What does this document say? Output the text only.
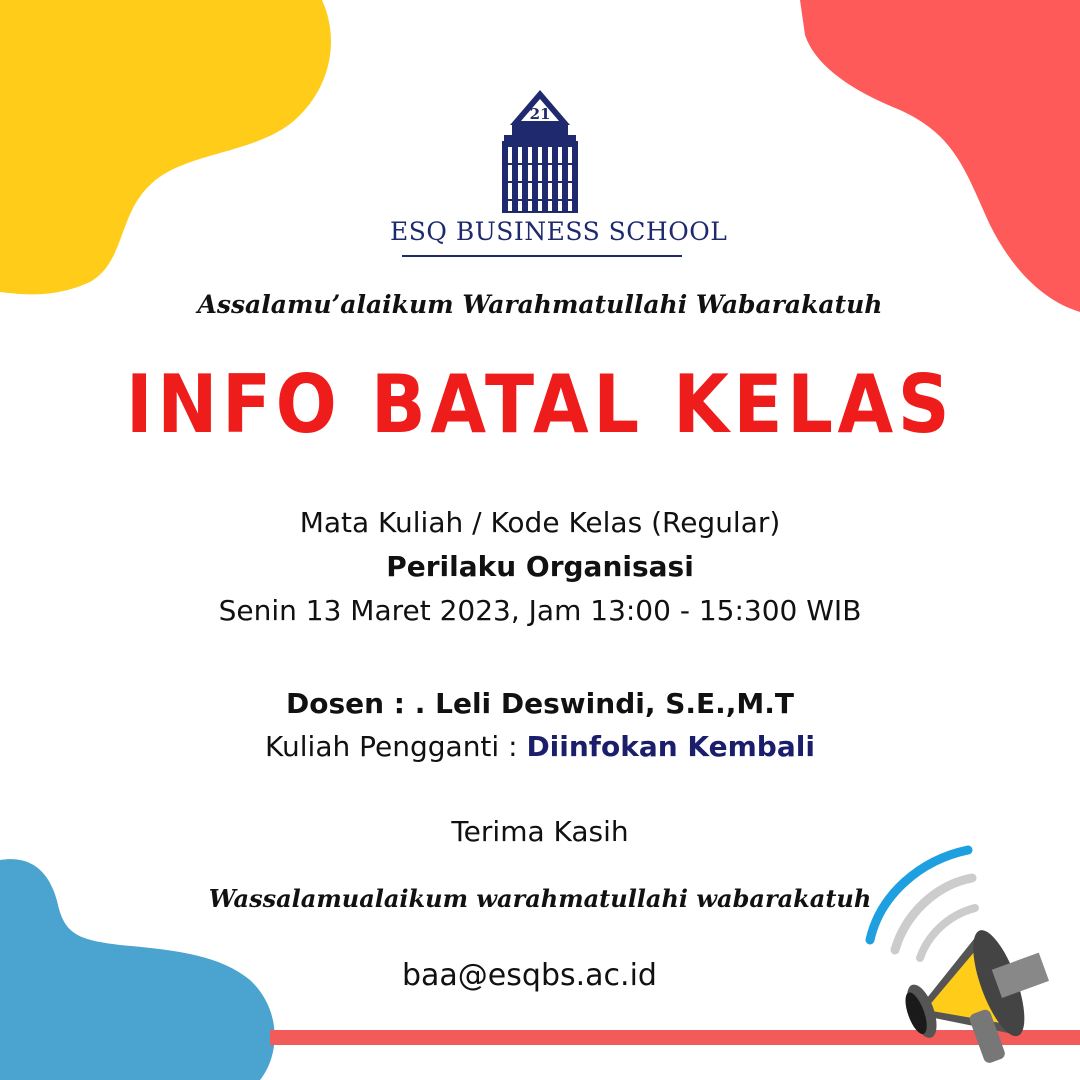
21
ESQ BUSINESS SCHOOL
Assalamu’alaikum Warahmatullahi Wabarakatuh
INFO BATAL KELAS
Mata Kuliah / Kode Kelas (Regular)
Perilaku Organisasi
Senin 13 Maret 2023, Jam 13:00 - 15:300 WIB
Dosen : . Leli Deswindi, S.E.,M.T
Kuliah Pengganti : Diinfokan Kembali
Terima Kasih
Wassalamualaikum warahmatullahi wabarakatuh
baa@esqbs.ac.id
